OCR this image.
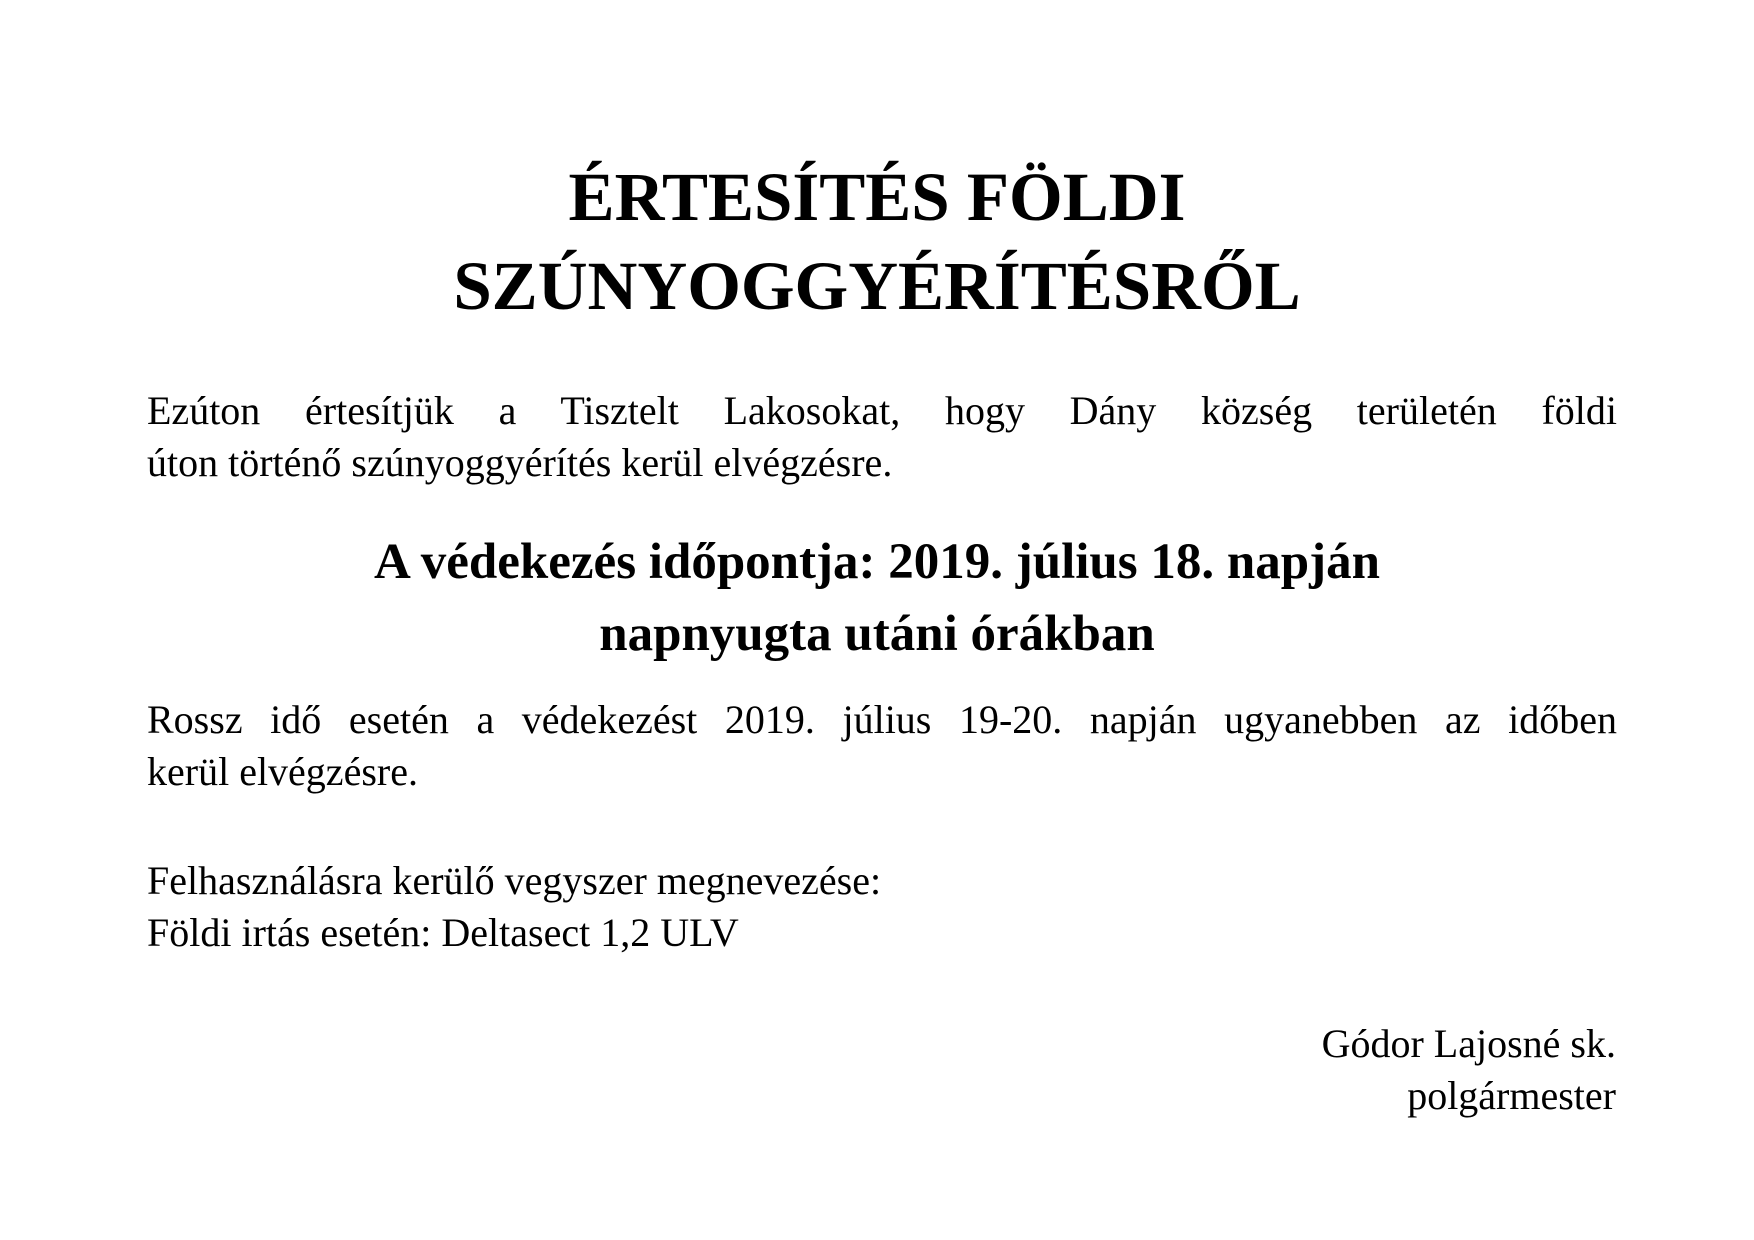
ÉRTESÍTÉS FÖLDI
SZÚNYOGGYÉRÍTÉSRŐL

Ezúton értesítjük a Tisztelt Lakosokat, hogy Dány község területén földi
úton történő szúnyoggyérítés kerül elvégzésre.

A védekezés időpontja: 2019. július 18. napján

napnyugta utáni órákban

Rossz idő esetén a védekezést 2019. július 19-20. napján ugyanebben az időben
kerül elvégzésre.

Felhasználásra kerülő vegyszer megnevezése:
Földi irtás esetén: Deltasect 1,2 ULV

Gódor Lajosné sk.
polgármester
